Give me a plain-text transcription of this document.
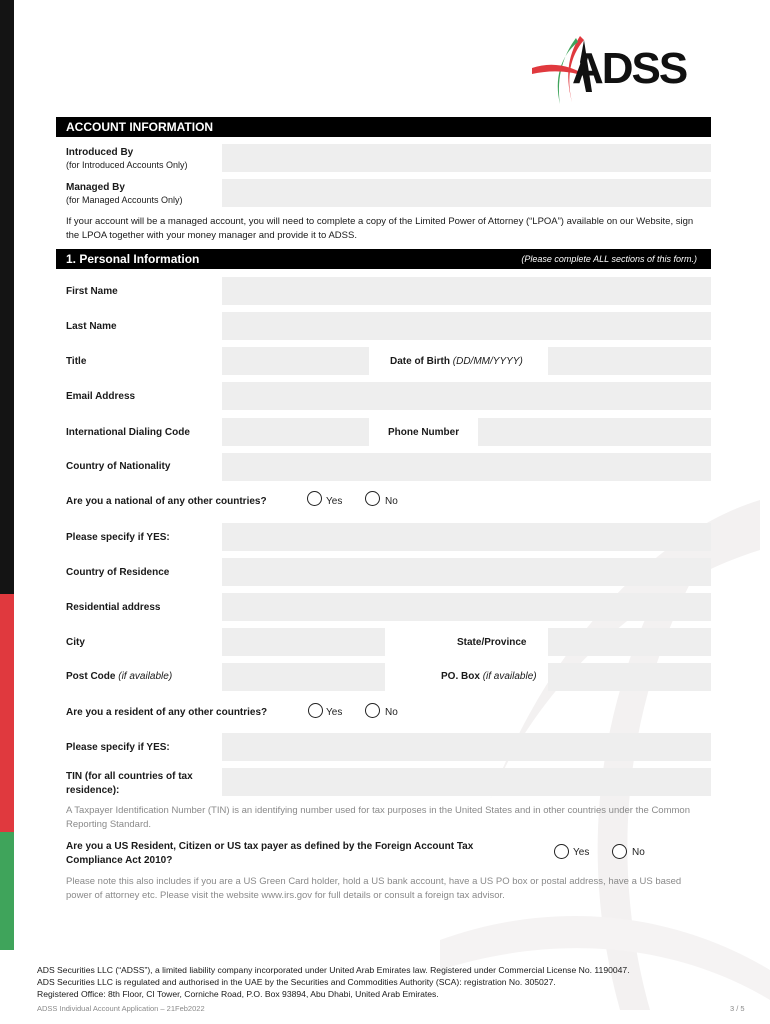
ADSS
ACCOUNT INFORMATION
Introduced By
(for Introduced Accounts Only)
Managed By
(for Managed Accounts Only)
If your account will be a managed account, you will need to complete a copy of the Limited Power of Attorney (“LPOA”) available on our Website, sign the LPOA together with your money manager and provide it to ADSS.
1. Personal Information	(Please complete ALL sections of this form.)
First Name
Last Name
Title	Date of Birth (DD/MM/YYYY)
Email Address
International Dialing Code	Phone Number
Country of Nationality
Are you a national of any other countries?	Yes	No
Please specify if YES:
Country of Residence
Residential address
City	State/Province
Post Code (if available)	PO. Box (if available)
Are you a resident of any other countries?	Yes	No
Please specify if YES:
TIN (for all countries of tax
residence):
A Taxpayer Identification Number (TIN) is an identifying number used for tax purposes in the United States and in other countries under the Common Reporting Standard.
Are you a US Resident, Citizen or US tax payer as defined by the Foreign Account Tax
Compliance Act 2010?
Yes	No
Please note this also includes if you are a US Green Card holder, hold a US bank account, have a US PO box or postal address, have a US based power of attorney etc. Please visit the website www.irs.gov for full details or consult a foreign tax advisor.
ADS Securities LLC (“ADSS”), a limited liability company incorporated under United Arab Emirates law. Registered under Commercial License No. 1190047.
ADS Securities LLC is regulated and authorised in the UAE by the Securities and Commodities Authority (SCA): registration No. 305027.
Registered Office: 8th Floor, CI Tower, Corniche Road, P.O. Box 93894, Abu Dhabi, United Arab Emirates.
ADSS Individual Account Application – 21Feb2022	3 / 5
